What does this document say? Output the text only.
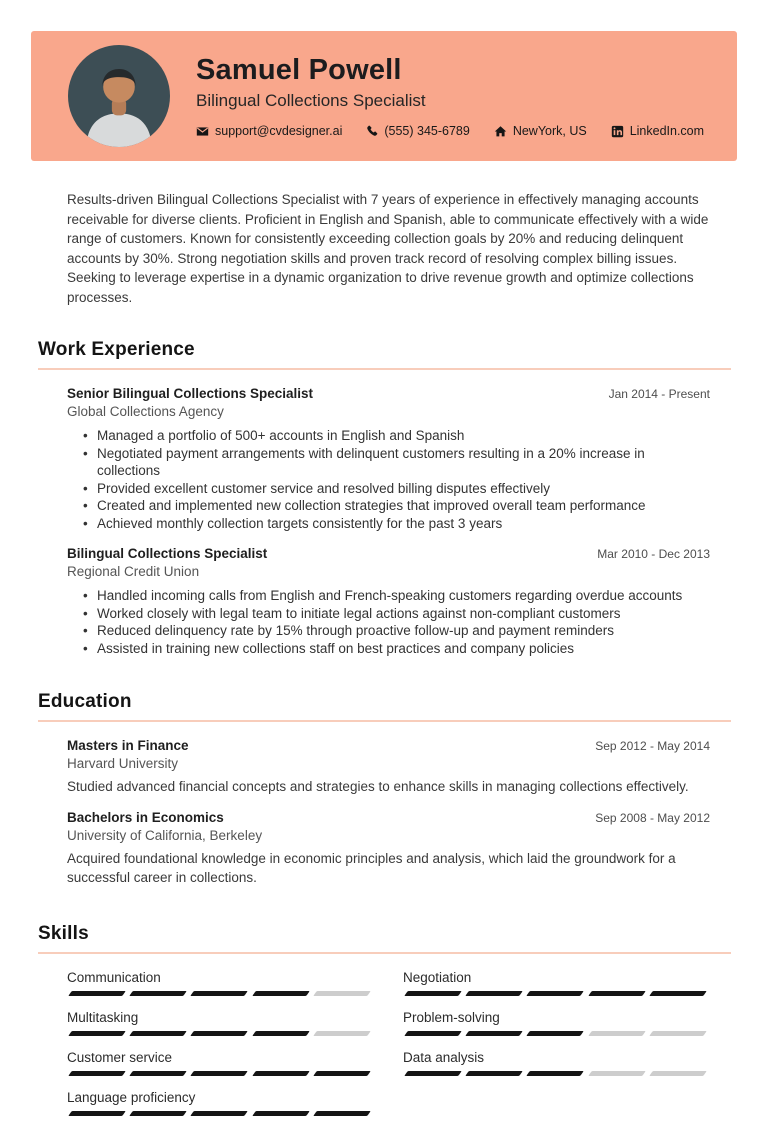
Samuel Powell
Bilingual Collections Specialist
support@cvdesigner.ai	(555) 345-6789	NewYork, US	LinkedIn.com

Results-driven Bilingual Collections Specialist with 7 years of experience in effectively managing accounts receivable for diverse clients. Proficient in English and Spanish, able to communicate effectively with a wide range of customers. Known for consistently exceeding collection goals by 20% and reducing delinquent accounts by 30%. Strong negotiation skills and proven track record of resolving complex billing issues. Seeking to leverage expertise in a dynamic organization to drive revenue growth and optimize collections processes.

Work Experience
Senior Bilingual Collections Specialist	Jan 2014 - Present
Global Collections Agency
• Managed a portfolio of 500+ accounts in English and Spanish
• Negotiated payment arrangements with delinquent customers resulting in a 20% increase in collections
• Provided excellent customer service and resolved billing disputes effectively
• Created and implemented new collection strategies that improved overall team performance
• Achieved monthly collection targets consistently for the past 3 years
Bilingual Collections Specialist	Mar 2010 - Dec 2013
Regional Credit Union
• Handled incoming calls from English and French-speaking customers regarding overdue accounts
• Worked closely with legal team to initiate legal actions against non-compliant customers
• Reduced delinquency rate by 15% through proactive follow-up and payment reminders
• Assisted in training new collections staff on best practices and company policies
Education
Masters in Finance	Sep 2012 - May 2014
Harvard University
Studied advanced financial concepts and strategies to enhance skills in managing collections effectively.
Bachelors in Economics	Sep 2008 - May 2012
University of California, Berkeley
Acquired foundational knowledge in economic principles and analysis, which laid the groundwork for a successful career in collections.
Skills
Communication
Multitasking
Customer service
Language proficiency
Negotiation
Problem-solving
Data analysis
